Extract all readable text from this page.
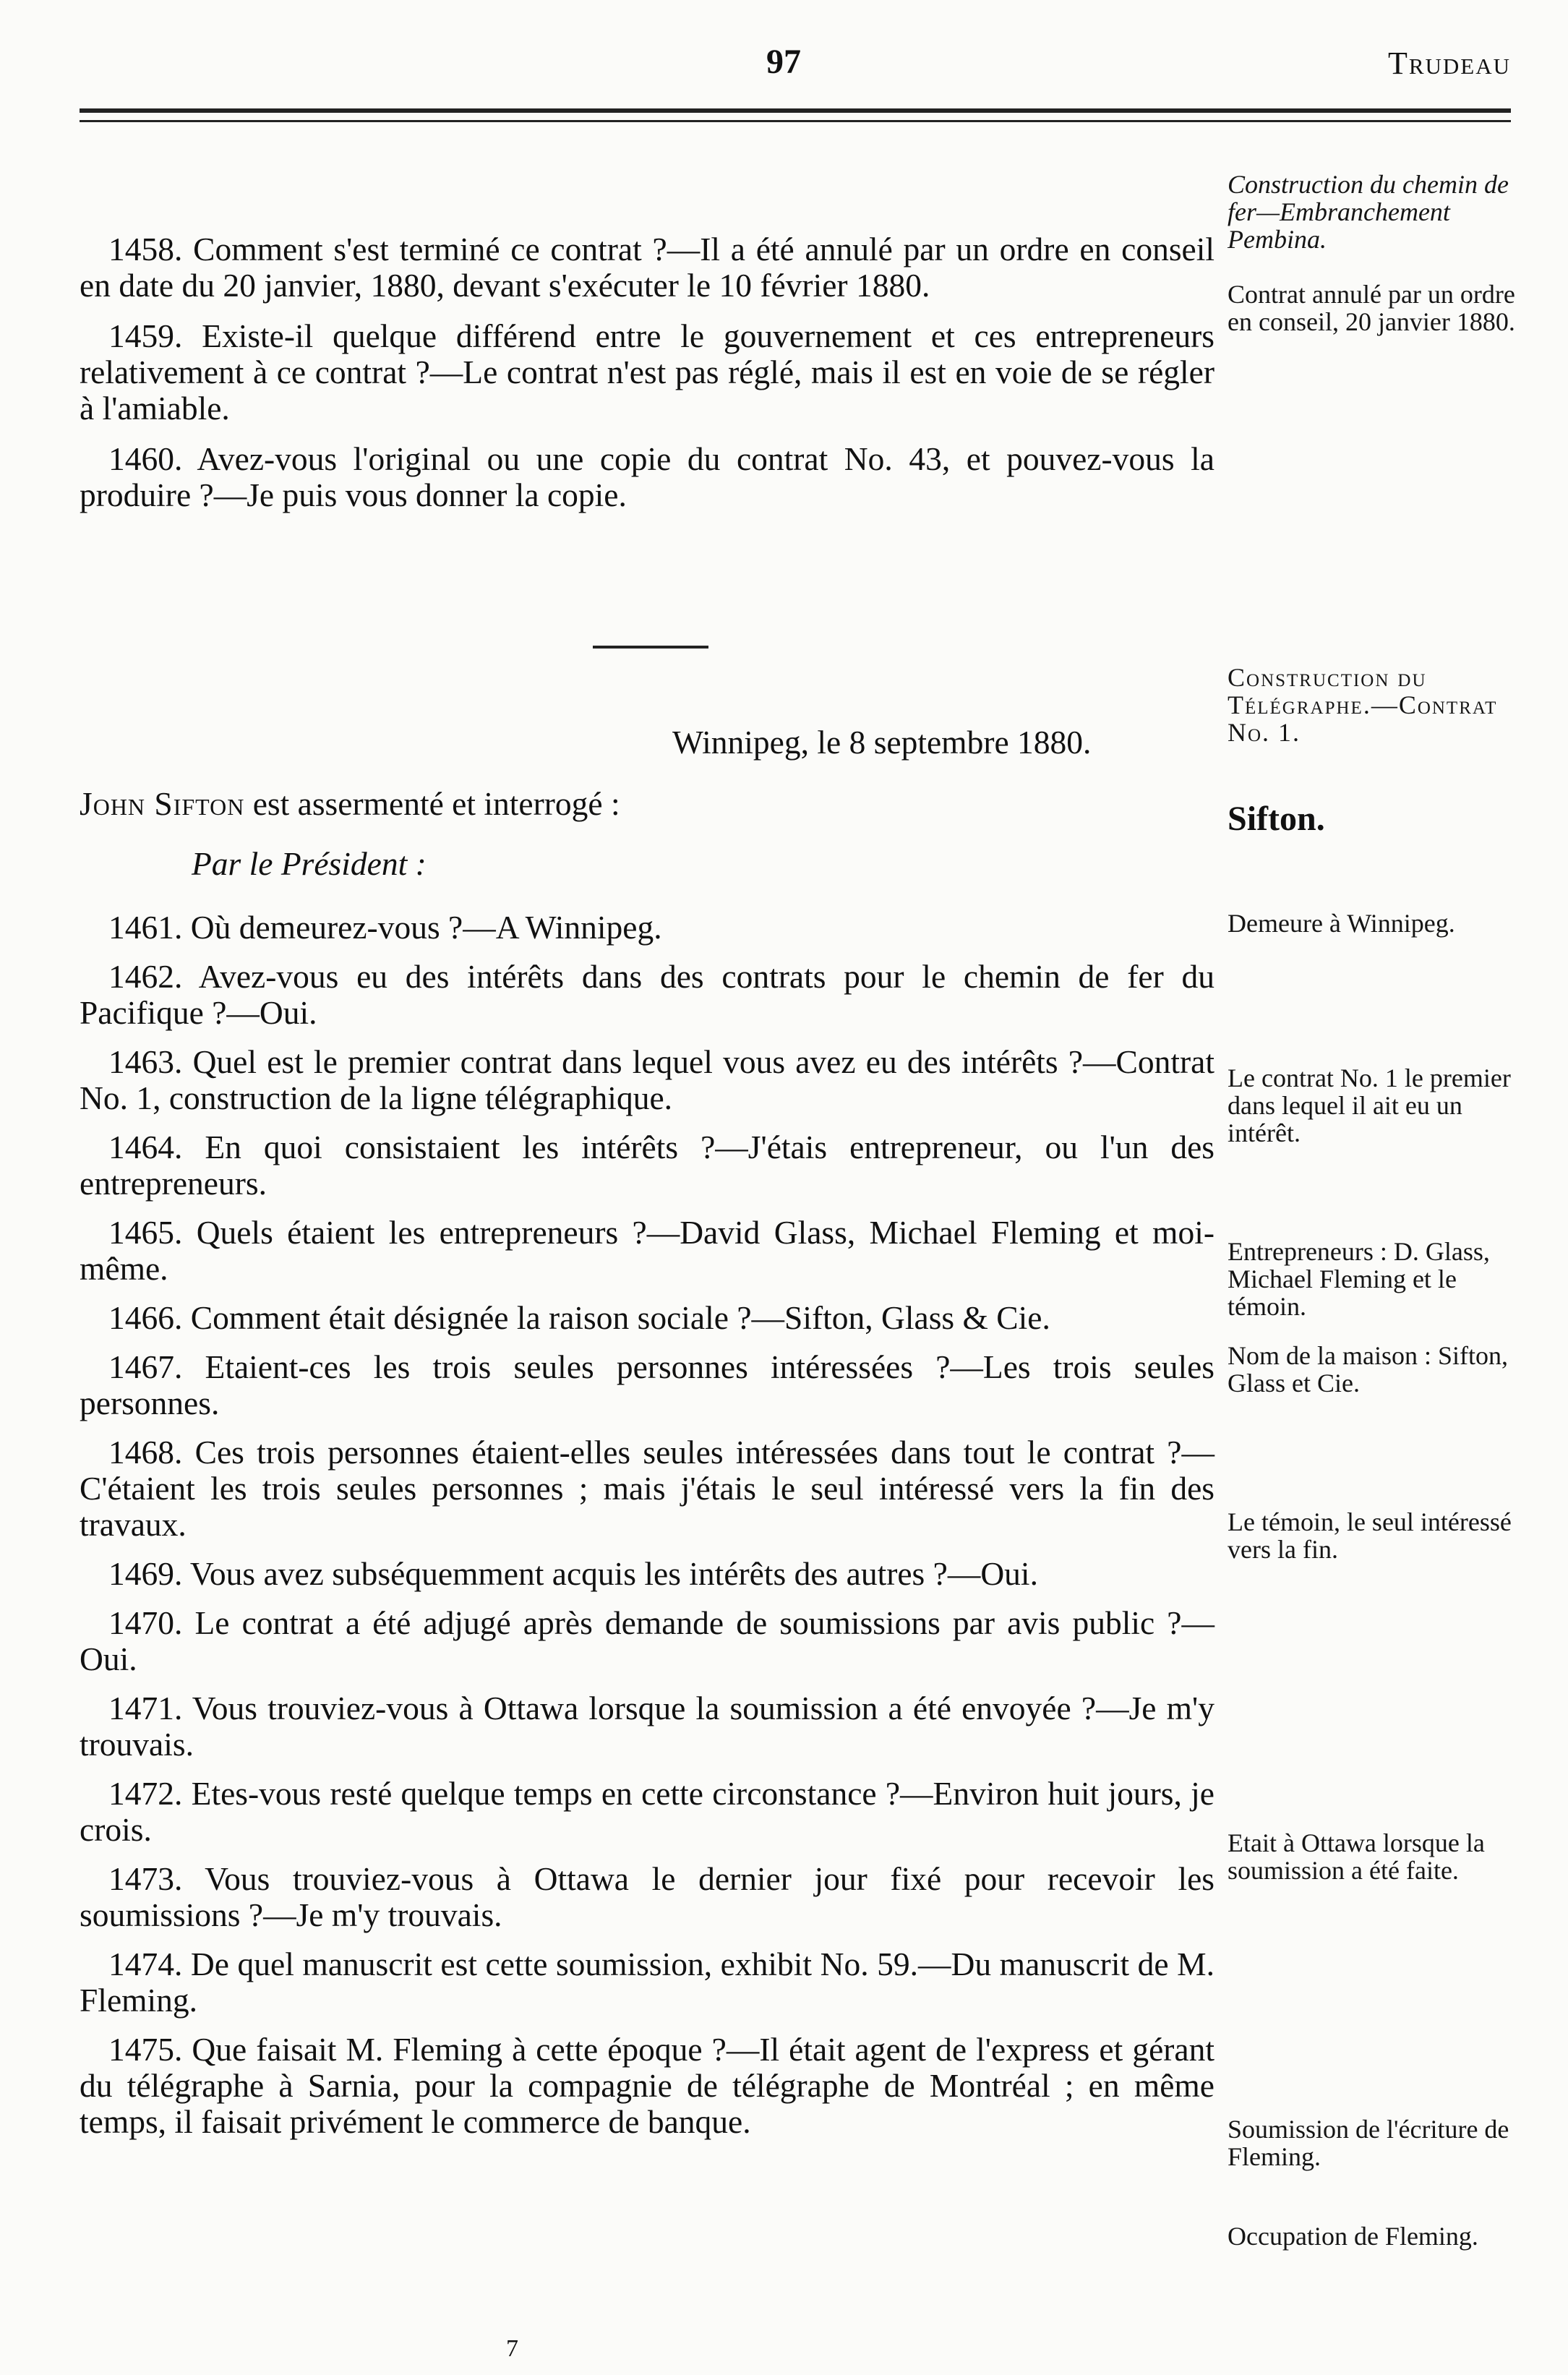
97	Trudeau
Construction du chemin de fer—Embranchement Pembina.
Contrat annulé par un ordre en conseil, 20 janvier 1880.
Construction du Télégraphe.—Contrat No. 1.
Sifton.
Demeure à Winnipeg.
Le contrat No. 1 le premier dans lequel il ait eu un intérêt.
Entrepreneurs : D. Glass, Michael Fleming et le témoin.
Nom de la maison : Sifton, Glass et Cie.
Le témoin, le seul intéressé vers la fin.
Etait à Ottawa lorsque la soumission a été faite.
Soumission de l'écriture de Fleming.
Occupation de Fleming.

1458. Comment s'est terminé ce contrat ?—Il a été annulé par un ordre en conseil en date du 20 janvier, 1880, devant s'exécuter le 10 février 1880.

1459. Existe-il quelque différend entre le gouvernement et ces entrepreneurs relativement à ce contrat ?—Le contrat n'est pas réglé, mais il est en voie de se régler à l'amiable.

1460. Avez-vous l'original ou une copie du contrat No. 43, et pouvez-vous la produire ?—Je puis vous donner la copie.

Winnipeg, le 8 septembre 1880.
John Sifton est assermenté et interrogé :
Par le Président :

1461. Où demeurez-vous ?—A Winnipeg.

1462. Avez-vous eu des intérêts dans des contrats pour le chemin de fer du Pacifique ?—Oui.

1463. Quel est le premier contrat dans lequel vous avez eu des intérêts ?—Contrat No. 1, construction de la ligne télégraphique.

1464. En quoi consistaient les intérêts ?—J'étais entrepreneur, ou l'un des entrepreneurs.

1465. Quels étaient les entrepreneurs ?—David Glass, Michael Fleming et moi-même.

1466. Comment était désignée la raison sociale ?—Sifton, Glass & Cie.

1467. Etaient-ces les trois seules personnes intéressées ?—Les trois seules personnes.

1468. Ces trois personnes étaient-elles seules intéressées dans tout le contrat ?—C'étaient les trois seules personnes ; mais j'étais le seul intéressé vers la fin des travaux.

1469. Vous avez subséquemment acquis les intérêts des autres ?—Oui.

1470. Le contrat a été adjugé après demande de soumissions par avis public ?—Oui.

1471. Vous trouviez-vous à Ottawa lorsque la soumission a été envoyée ?—Je m'y trouvais.

1472. Etes-vous resté quelque temps en cette circonstance ?—Environ huit jours, je crois.

1473. Vous trouviez-vous à Ottawa le dernier jour fixé pour recevoir les soumissions ?—Je m'y trouvais.

1474. De quel manuscrit est cette soumission, exhibit No. 59.—Du manuscrit de M. Fleming.

1475. Que faisait M. Fleming à cette époque ?—Il était agent de l'express et gérant du télégraphe à Sarnia, pour la compagnie de télégraphe de Montréal ; en même temps, il faisait privément le commerce de banque.

7
